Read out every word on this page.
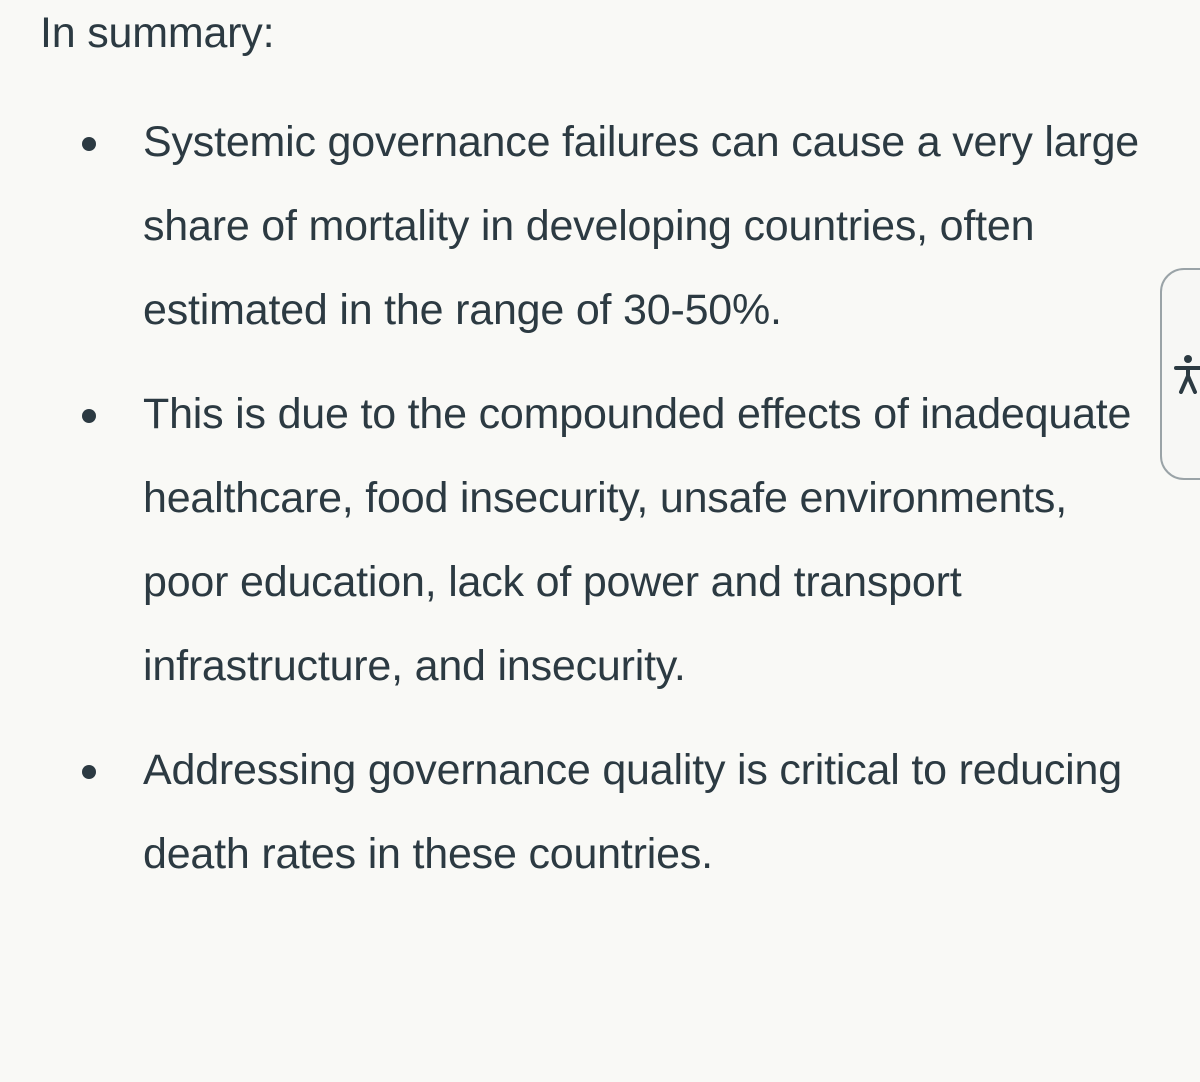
In summary:

Systemic governance failures can cause a very large share of mortality in developing countries, often estimated in the range of 30-50%.
This is due to the compounded effects of inadequate healthcare, food insecurity, unsafe environments, poor education, lack of power and transport infrastructure, and insecurity.
Addressing governance quality is critical to reducing death rates in these countries.
